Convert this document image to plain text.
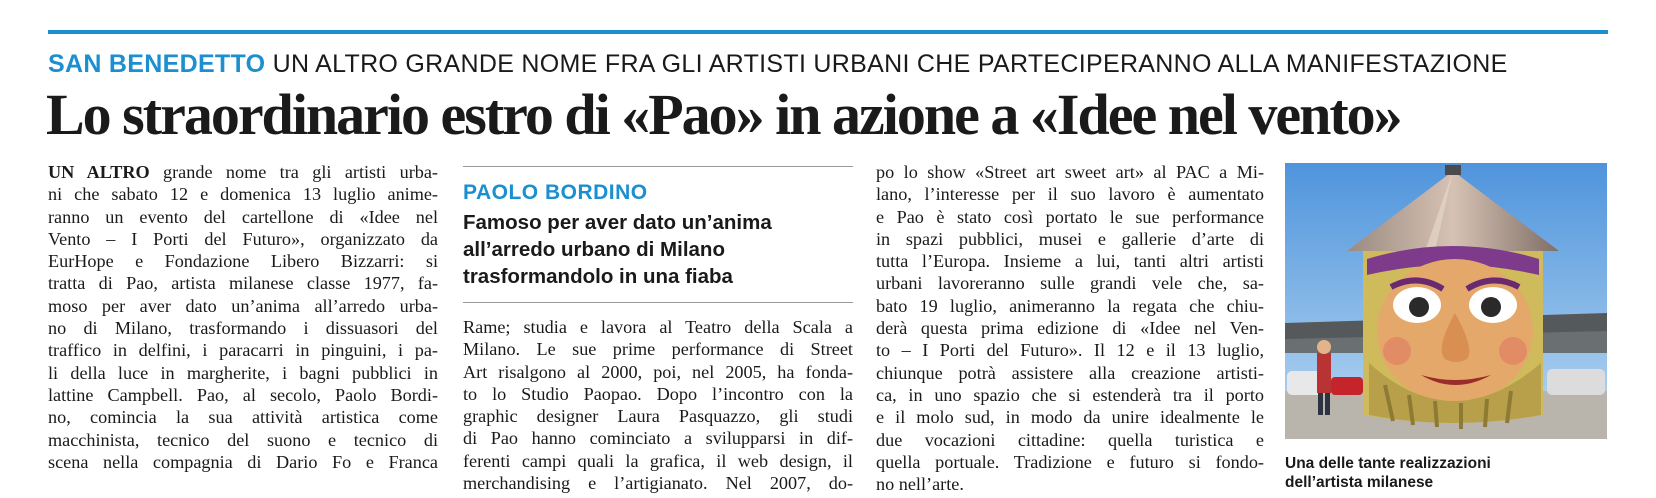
SAN BENEDETTO UN ALTRO GRANDE NOME FRA GLI ARTISTI URBANI CHE PARTECIPERANNO ALLA MANIFESTAZIONE
Lo straordinario estro di «Pao» in azione a «Idee nel vento»
UN ALTRO grande nome tra gli artisti urba-
ni che sabato 12 e domenica 13 luglio anime-
ranno un evento del cartellone di «Idee nel
Vento – I Porti del Futuro», organizzato da
EurHope e Fondazione Libero Bizzarri: si
tratta di Pao, artista milanese classe 1977, fa-
moso per aver dato un’anima all’arredo urba-
no di Milano, trasformando i dissuasori del
traffico in delfini, i paracarri in pinguini, i pa-
li della luce in margherite, i bagni pubblici in
lattine Campbell. Pao, al secolo, Paolo Bordi-
no, comincia la sua attività artistica come
macchinista, tecnico del suono e tecnico di
scena nella compagnia di Dario Fo e Franca
PAOLO BORDINO
Famoso per aver dato un’anima
all’arredo urbano di Milano
trasformandolo in una fiaba
Rame; studia e lavora al Teatro della Scala a
Milano. Le sue prime performance di Street
Art risalgono al 2000, poi, nel 2005, ha fonda-
to lo Studio Paopao. Dopo l’incontro con la
graphic designer Laura Pasquazzo, gli studi
di Pao hanno cominciato a svilupparsi in dif-
ferenti campi quali la grafica, il web design, il
merchandising e l’artigianato. Nel 2007, do-
po lo show «Street art sweet art» al PAC a Mi-
lano, l’interesse per il suo lavoro è aumentato
e Pao è stato così portato le sue performance
in spazi pubblici, musei e gallerie d’arte di
tutta l’Europa. Insieme a lui, tanti altri artisti
urbani lavoreranno sulle grandi vele che, sa-
bato 19 luglio, animeranno la regata che chiu-
derà questa prima edizione di «Idee nel Ven-
to – I Porti del Futuro». Il 12 e il 13 luglio,
chiunque potrà assistere alla creazione artisti-
ca, in uno spazio che si estenderà tra il porto
e il molo sud, in modo da unire idealmente le
due vocazioni cittadine: quella turistica e
quella portuale. Tradizione e futuro si fondo-
no nell’arte.
Una delle tante realizzazioni
dell’artista milanese
